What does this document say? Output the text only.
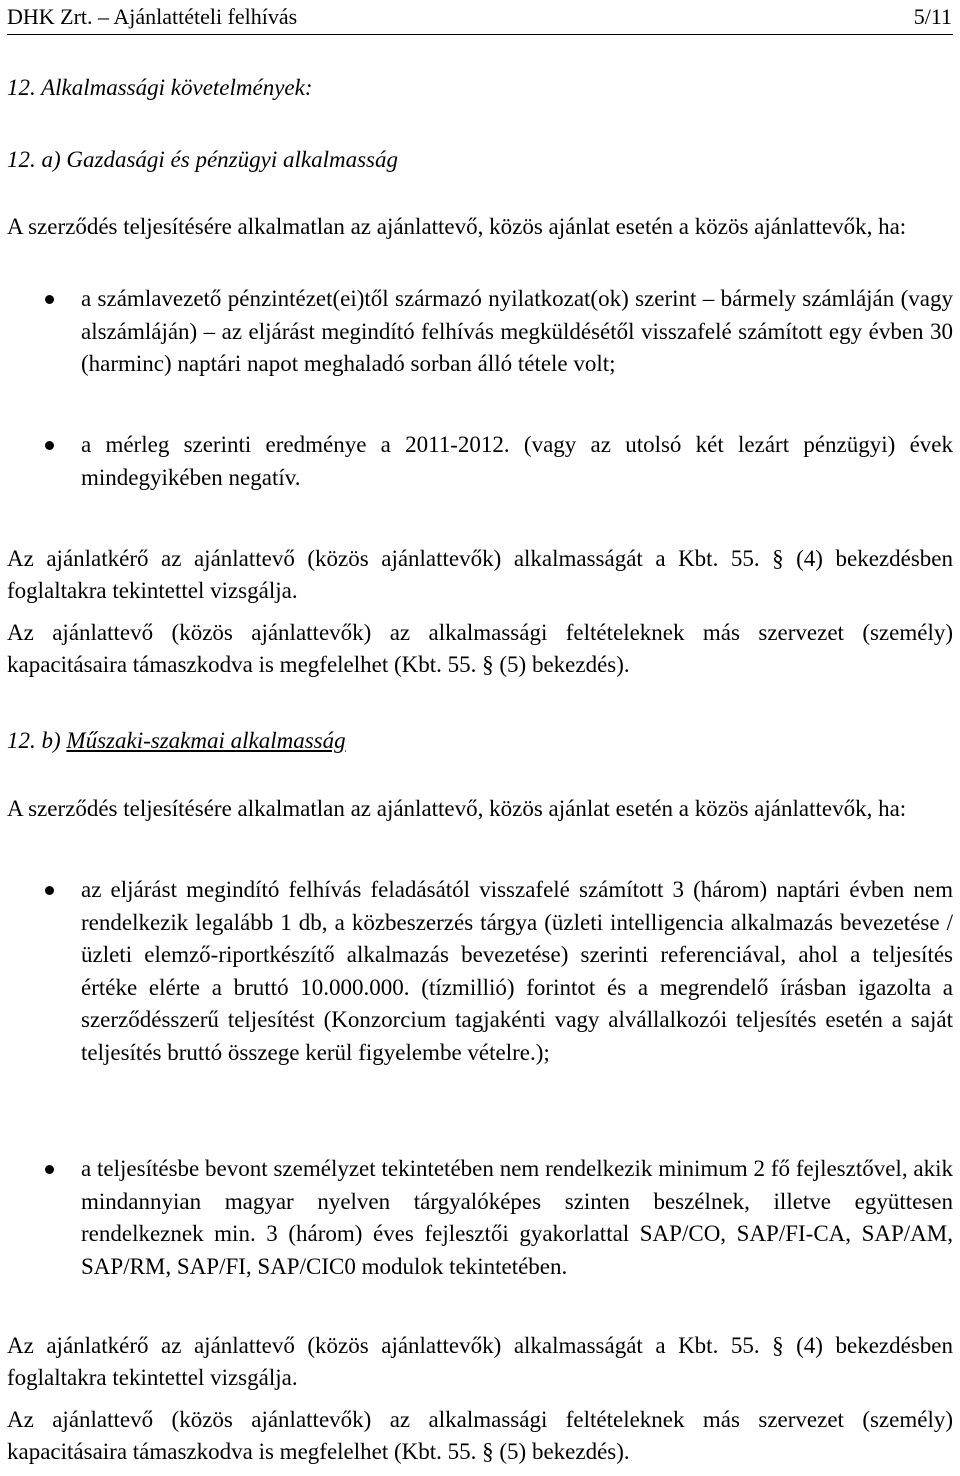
DHK Zrt. – Ajánlattételi felhívás	5/11

12. Alkalmassági követelmények:

12. a) Gazdasági és pénzügyi alkalmasság

A szerződés teljesítésére alkalmatlan az ajánlattevő, közös ajánlat esetén a közös ajánlattevők, ha:

a számlavezető pénzintézet(ei)től származó nyilatkozat(ok) szerint – bármely számláján (vagy alszámláján) – az eljárást megindító felhívás megküldésétől visszafelé számított egy évben 30 (harminc) naptári napot meghaladó sorban álló tétele volt;
a mérleg szerinti eredménye a 2011-2012. (vagy az utolsó két lezárt pénzügyi) évek mindegyikében negatív.

Az ajánlatkérő az ajánlattevő (közös ajánlattevők) alkalmasságát a Kbt. 55. § (4) bekezdésben foglaltakra tekintettel vizsgálja.

Az ajánlattevő (közös ajánlattevők) az alkalmassági feltételeknek más szervezet (személy) kapacitásaira támaszkodva is megfelelhet (Kbt. 55. § (5) bekezdés).

12. b) Műszaki-szakmai alkalmasság

A szerződés teljesítésére alkalmatlan az ajánlattevő, közös ajánlat esetén a közös ajánlattevők, ha:

az eljárást megindító felhívás feladásától visszafelé számított 3 (három) naptári évben nem rendelkezik legalább 1 db, a közbeszerzés tárgya (üzleti intelligencia alkalmazás bevezetése / üzleti elemző-riportkészítő alkalmazás bevezetése) szerinti referenciával, ahol a teljesítés értéke elérte a bruttó 10.000.000. (tízmillió) forintot és a megrendelő írásban igazolta a szerződésszerű teljesítést (Konzorcium tagjakénti vagy alvállalkozói teljesítés esetén a saját teljesítés bruttó összege kerül figyelembe vételre.);
a teljesítésbe bevont személyzet tekintetében nem rendelkezik minimum 2 fő fejlesztővel, akik mindannyian magyar nyelven tárgyalóképes szinten beszélnek, illetve együttesen rendelkeznek min. 3 (három) éves fejlesztői gyakorlattal SAP/CO, SAP/FI-CA, SAP/AM, SAP/RM, SAP/FI, SAP/CIC0 modulok tekintetében.

Az ajánlatkérő az ajánlattevő (közös ajánlattevők) alkalmasságát a Kbt. 55. § (4) bekezdésben foglaltakra tekintettel vizsgálja.

Az ajánlattevő (közös ajánlattevők) az alkalmassági feltételeknek más szervezet (személy) kapacitásaira támaszkodva is megfelelhet (Kbt. 55. § (5) bekezdés).
